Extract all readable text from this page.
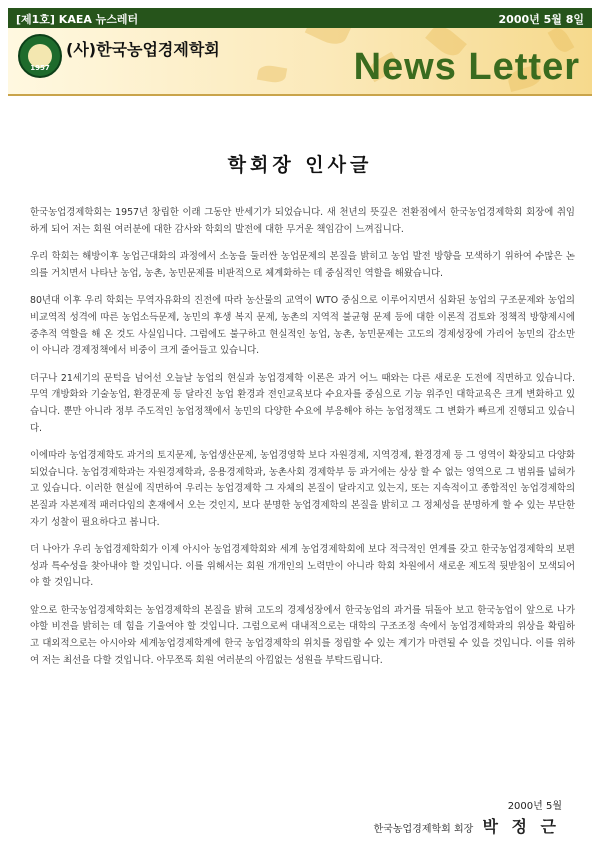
[제1호] KAEA 뉴스레터	2000년 5월 8일
1957
(사)한국농업경제학회	News Letter
학회장 인사글

한국농업경제학회는 1957년 창립한 이래 그동안 반세기가 되었습니다. 새 천년의 뜻깊은 전환점에서 한국농업경제학회 회장에 취임하게 되어 저는 회원 여러분에 대한 감사와 학회의 발전에 대한 무거운 책임감이 느껴집니다.

우리 학회는 해방이후 농업근대화의 과정에서 소농을 둘러싼 농업문제의 본질을 밝히고 농업 발전 방향을 모색하기 위하여 수많은 논의를 거치면서 나타난 농업, 농촌, 농민문제를 비판적으로 체계화하는 데 중심적인 역할을 해왔습니다.

80년대 이후 우리 학회는 무역자유화의 진전에 따라 농산물의 교역이 WTO 중심으로 이루어지면서 심화된 농업의 구조문제와 농업의 비교역적 성격에 따른 농업소득문제, 농민의 후생 복지 문제, 농촌의 지역적 불균형 문제 등에 대한 이론적 검토와 정책적 방향제시에 중추적 역할을 해 온 것도 사실입니다. 그럼에도 불구하고 현실적인 농업, 농촌, 농민문제는 고도의 경제성장에 가리어 농민의 감소만이 아니라 경제정책에서 비중이 크게 줄어들고 있습니다.

더구나 21세기의 문턱을 넘어선 오늘날 농업의 현실과 농업경제학 이론은 과거 어느 때와는 다른 새로운 도전에 직면하고 있습니다. 무역 개방화와 기술농업, 환경문제 등 달라진 농업 환경과 전인교육보다 수요자를 중심으로 기능 위주인 대학교육은 크게 변화하고 있습니다. 뿐만 아니라 정부 주도적인 농업정책에서 농민의 다양한 수요에 부응해야 하는 농업정책도 그 변화가 빠르게 진행되고 있습니다.

이에따라 농업경제학도 과거의 토지문제, 농업생산문제, 농업경영학 보다 자원경제, 지역경제, 환경경제 등 그 영역이 확장되고 다양화되었습니다. 농업경제학과는 자원경제학과, 응용경제학과, 농촌사회 경제학부 등 과거에는 상상 할 수 없는 영역으로 그 범위를 넓혀가고 있습니다. 이러한 현실에 직면하여 우리는 농업경제학 그 자체의 본질이 달라지고 있는지, 또는 지속적이고 종합적인 농업경제학의 본질과 자본제적 패러다임의 혼재에서 오는 것인지, 보다 분명한 농업경제학의 본질을 밝히고 그 정체성을 분명하게 할 수 있는 부단한 자기 성찰이 필요하다고 봅니다.

더 나아가 우리 농업경제학회가 이제 아시아 농업경제학회와 세계 농업경제학회에 보다 적극적인 연계를 갖고 한국농업경제학의 보편성과 특수성을 찾아내야 할 것입니다. 이를 위해서는 회원 개개인의 노력만이 아니라 학회 차원에서 새로운 제도적 뒷받침이 모색되어야 할 것입니다.

앞으로 한국농업경제학회는 농업경제학의 본질을 밝혀 고도의 경제성장에서 한국농업의 과거를 뒤돌아 보고 한국농업이 앞으로 나가야할 비전을 밝히는 데 힘을 기울여야 할 것입니다. 그럼으로써 대내적으로는 대학의 구조조정 속에서 농업경제학과의 위상을 확립하고 대외적으로는 아시아와 세계농업경제학계에 한국 농업경제학의 위치를 정립할 수 있는 계기가 마련될 수 있을 것입니다. 이를 위하여 저는 최선을 다할 것입니다. 아무쪼록 회원 여러분의 아낌없는 성원을 부탁드립니다.

2000년 5월
한국농업경제학회 회장 박 정 근
